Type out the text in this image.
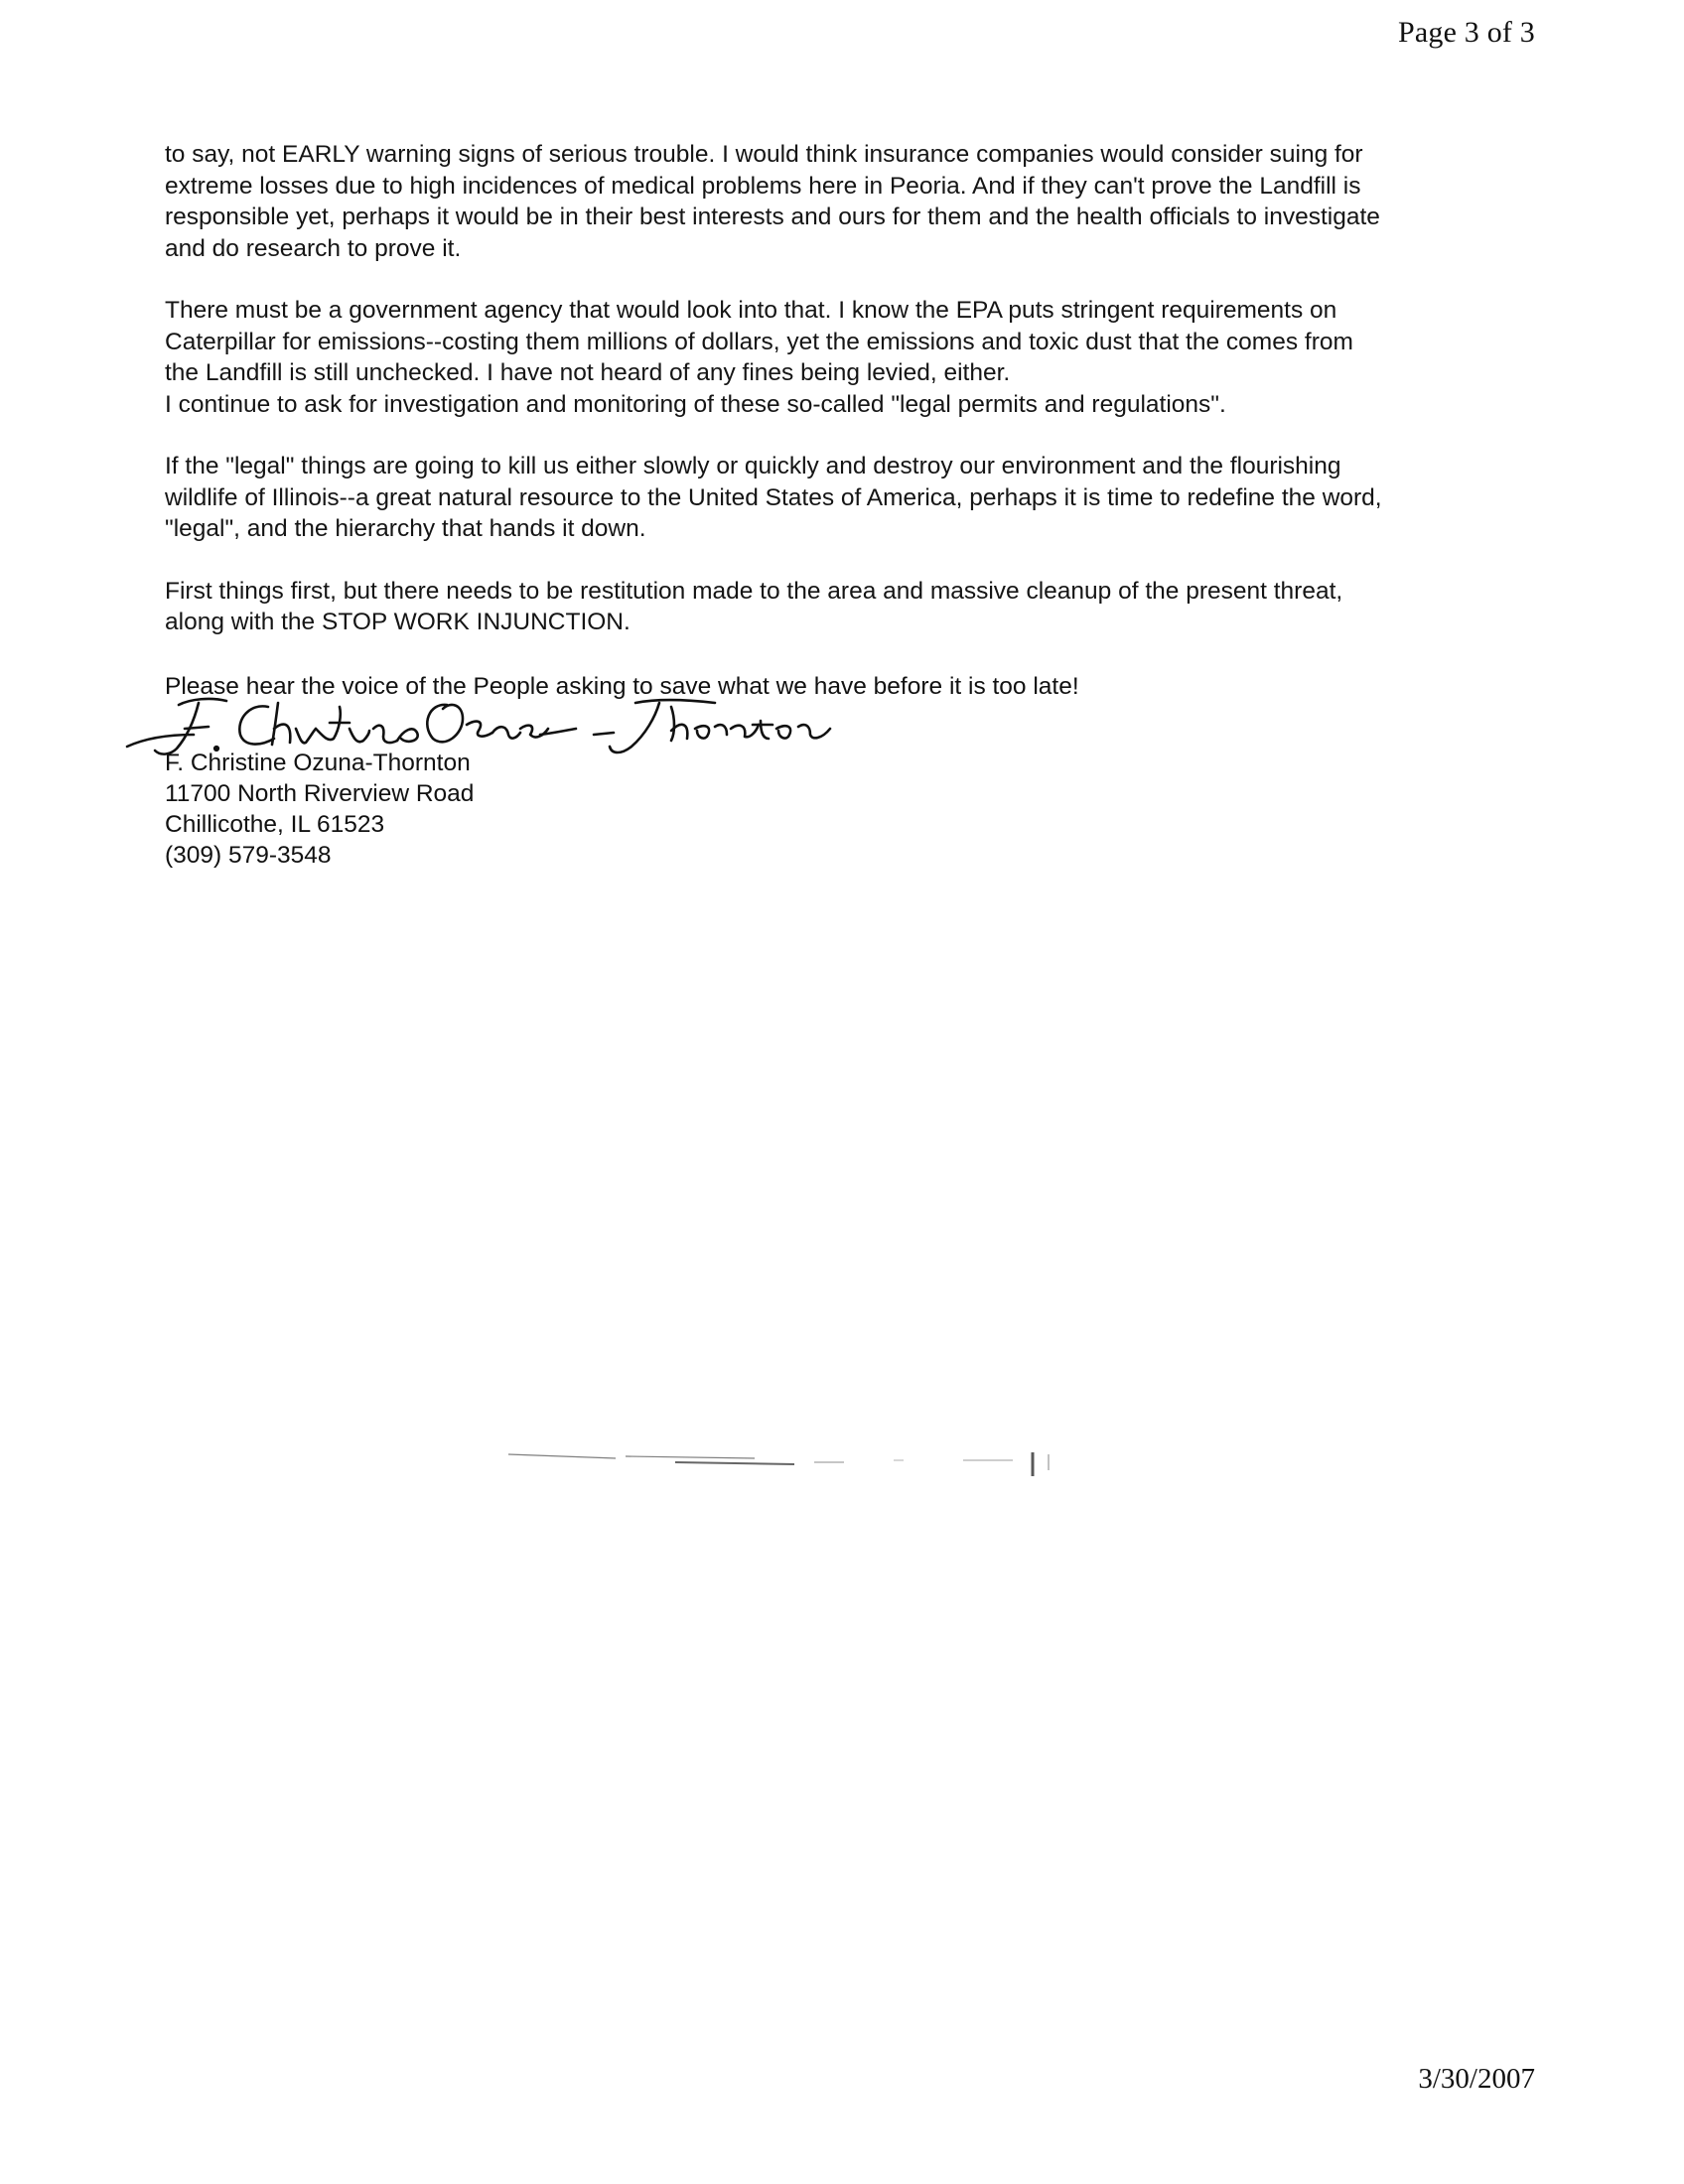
Page 3 of 3
to say, not EARLY warning signs of serious trouble. I would think insurance companies would consider suing for
extreme losses due to high incidences of medical problems here in Peoria. And if they can't prove the Landfill is
responsible yet, perhaps it would be in their best interests and ours for them and the health officials to investigate
and do research to prove it.
There must be a government agency that would look into that. I know the EPA puts stringent requirements on
Caterpillar for emissions--costing them millions of dollars, yet the emissions and toxic dust that the comes from
the Landfill is still unchecked. I have not heard of any fines being levied, either.
I continue to ask for investigation and monitoring of these so-called "legal permits and regulations".
If the "legal" things are going to kill us either slowly or quickly and destroy our environment and the flourishing
wildlife of Illinois--a great natural resource to the United States of America, perhaps it is time to redefine the word,
"legal", and the hierarchy that hands it down.
First things first, but there needs to be restitution made to the area and massive cleanup of the present threat,
along with the STOP WORK INJUNCTION.
Please hear the voice of the People asking to save what we have before it is too late!
F. Christine Ozuna-Thornton
11700 North Riverview Road
Chillicothe, IL 61523
(309) 579-3548
3/30/2007
